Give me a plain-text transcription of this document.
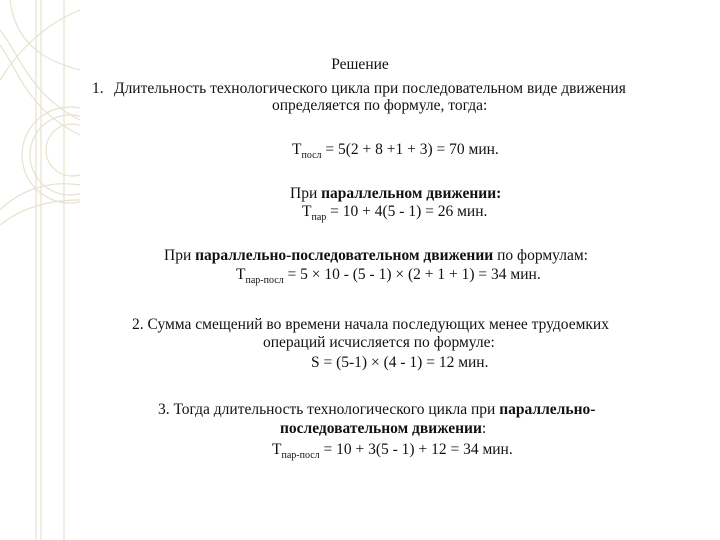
Решение

1. Длительность технологического цикла при последовательном виде движения

определяется по формуле, тогда:

$T_{посл} = 5(2 + 8 +1 + 3) = 70$ мин.

При параллельном движении:

$T_{пар} = 10 + 4(5 - 1) = 26$ мин.

При параллельно-последовательном движении по формулам:

$T_{пар-посл} = 5 \times 10 - (5 - 1) \times (2 + 1 + 1) = 34$ мин.

2. Сумма смещений во времени начала последующих менее трудоемких

операций исчисляется по формуле:

S = (5-1) × (4 - 1) = 12 мин.

3. Тогда длительность технологического цикла при параллельно-

последовательном движении:

$T_{пар-посл} = 10 + 3(5 - 1) + 12 = 34$ мин.
